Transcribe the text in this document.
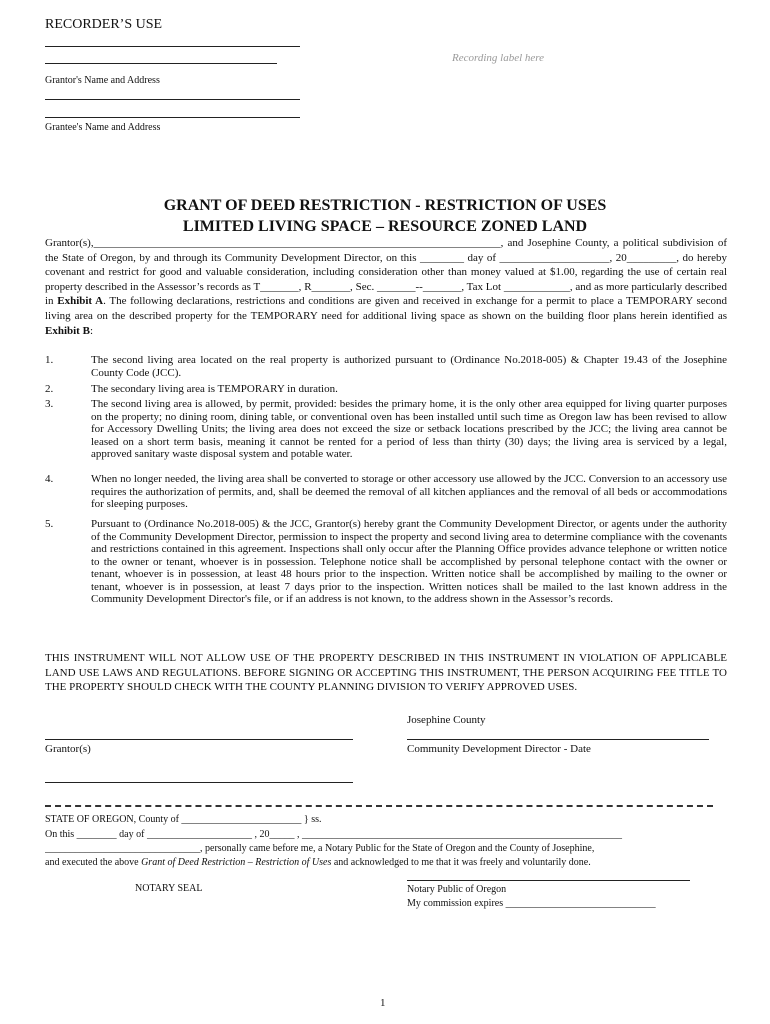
RECORDER’S USE
Recording label here
Grantor's Name and Address
Grantee's Name and Address
GRANT OF DEED RESTRICTION - RESTRICTION OF USES
LIMITED LIVING SPACE – RESOURCE ZONED LAND
Grantor(s),__________________________________________________________________________, and Josephine County, a political subdivision of the State of Oregon, by and through its Community Development Director, on this ________ day of ____________________, 20_________, do hereby covenant and restrict for good and valuable consideration, including consideration other than money valued at $1.00, regarding the use of certain real property described in the Assessor’s records as T_______, R_______, Sec. _______--_______, Tax Lot ____________, and as more particularly described in Exhibit A. The following declarations, restrictions and conditions are given and received in exchange for a permit to place a TEMPORARY second living area on the described property for the TEMPORARY need for additional living space as shown on the building floor plans herein identified as Exhibit B:
1.	The second living area located on the real property is authorized pursuant to (Ordinance No.2018-005) & Chapter 19.43 of the Josephine County Code (JCC).
2.	The secondary living area is TEMPORARY in duration.
3.	The second living area is allowed, by permit, provided: besides the primary home, it is the only other area equipped for living quarter purposes on the property; no dining room, dining table, or conventional oven has been installed until such time as Oregon law has been revised to allow for Accessory Dwelling Units; the living area does not exceed the size or setback locations prescribed by the JCC; the living area cannot be leased on a short term basis, meaning it cannot be rented for a period of less than thirty (30) days; the living area is serviced by a legal, approved sanitary waste disposal system and potable water.
4.	When no longer needed, the living area shall be converted to storage or other accessory use allowed by the JCC. Conversion to an accessory use requires the authorization of permits, and, shall be deemed the removal of all kitchen appliances and the removal of all beds or accommodations for sleeping purposes.
5.	Pursuant to (Ordinance No.2018-005) & the JCC, Grantor(s) hereby grant the Community Development Director, or agents under the authority of the Community Development Director, permission to inspect the property and second living area to determine compliance with the covenants and restrictions contained in this agreement. Inspections shall only occur after the Planning Office provides advance telephone or written notice to the owner or tenant, whoever is in possession. Telephone notice shall be accomplished by personal telephone contact with the owner or tenant, whoever is in possession, at least 48 hours prior to the inspection. Written notice shall be accomplished by mailing to the owner or tenant, whoever is in possession, at least 7 days prior to the inspection. Written notices shall be mailed to the last known address in the Community Development Director's file, or if an address is not known, to the address shown in the Assessor’s records.
THIS INSTRUMENT WILL NOT ALLOW USE OF THE PROPERTY DESCRIBED IN THIS INSTRUMENT IN VIOLATION OF APPLICABLE LAND USE LAWS AND REGULATIONS. BEFORE SIGNING OR ACCEPTING THIS INSTRUMENT, THE PERSON ACQUIRING FEE TITLE TO THE PROPERTY SHOULD CHECK WITH THE COUNTY PLANNING DIVISION TO VERIFY APPROVED USES.
Josephine County
Grantor(s)	Community Development Director - Date
STATE OF OREGON, County of ________________________ } ss.
On this ________ day of _____________________ , 20_____ , ________________________________________________________________
_______________________________, personally came before me, a Notary Public for the State of Oregon and the County of Josephine,
and executed the above Grant of Deed Restriction – Restriction of Uses and acknowledged to me that it was freely and voluntarily done.
NOTARY SEAL	Notary Public of Oregon
My commission expires ______________________________
1
